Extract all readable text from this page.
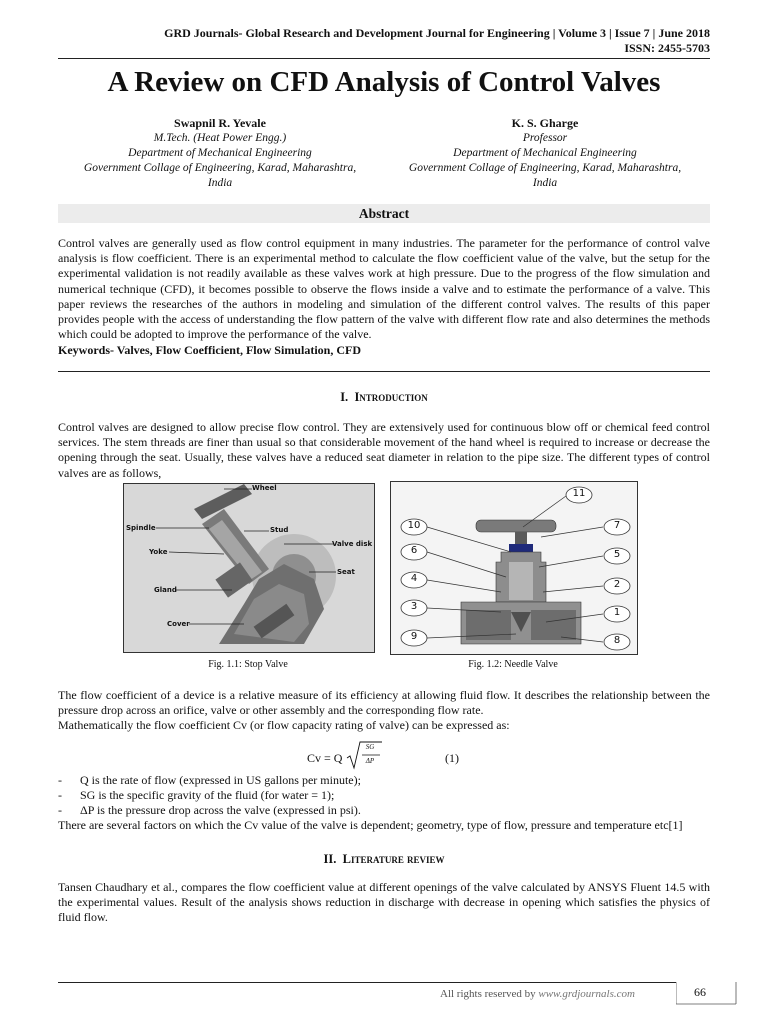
GRD Journals- Global Research and Development Journal for Engineering | Volume 3 | Issue 7 | June 2018
ISSN: 2455-5703
A Review on CFD Analysis of Control Valves
Swapnil R. Yevale
M.Tech. (Heat Power Engg.)
Department of Mechanical Engineering
Government Collage of Engineering, Karad, Maharashtra,
India
K. S. Gharge
Professor
Department of Mechanical Engineering
Government Collage of Engineering, Karad, Maharashtra,
India
Abstract
Control valves are generally used as flow control equipment in many industries. The parameter for the performance of control valve analysis is flow coefficient. There is an experimental method to calculate the flow coefficient value of the valve, but the setup for the experimental validation is not readily available as these valves work at high pressure. Due to the progress of the flow simulation and numerical technique (CFD), it becomes possible to observe the flows inside a valve and to estimate the performance of a valve. This paper reviews the researches of the authors in modeling and simulation of the different control valves. The results of this paper provides people with the access of understanding the flow pattern of the valve with different flow rate and also determines the methods which could be adopted to improve the performance of the valve.
Keywords- Valves, Flow Coefficient, Flow Simulation, CFD
I. Introduction
Control valves are designed to allow precise flow control. They are extensively used for continuous blow off or chemical feed control services. The stem threads are finer than usual so that considerable movement of the hand wheel is required to increase or decrease the opening through the seat. Usually, these valves have a reduced seat diameter in relation to the pipe size. The different types of control valves are as follows,
Wheel
Spindle	Stud
Valve disk
Yoke
Seat
Gland
Cover
11
10	7
6	5
4
2
3
1
9	8
Fig. 1.1: Stop Valve	Fig. 1.2: Needle Valve
The flow coefficient of a device is a relative measure of its efficiency at allowing fluid flow. It describes the relationship between the pressure drop across an orifice, valve or other assembly and the corresponding flow rate.
Mathematically the flow coefficient Cv (or flow capacity rating of valve) can be expressed as:
Cv = Q
SG
ΔP	(1)
- Q is the rate of flow (expressed in US gallons per minute);
- SG is the specific gravity of the fluid (for water = 1);
- ΔP is the pressure drop across the valve (expressed in psi).
There are several factors on which the Cv value of the valve is dependent; geometry, type of flow, pressure and temperature etc[1]
II. Literature review
Tansen Chaudhary et al., compares the flow coefficient value at different openings of the valve calculated by ANSYS Fluent 14.5 with the experimental values. Result of the analysis shows reduction in discharge with decrease in opening which satisfies the physics of fluid flow.
All rights reserved by www.grdjournals.com	66
